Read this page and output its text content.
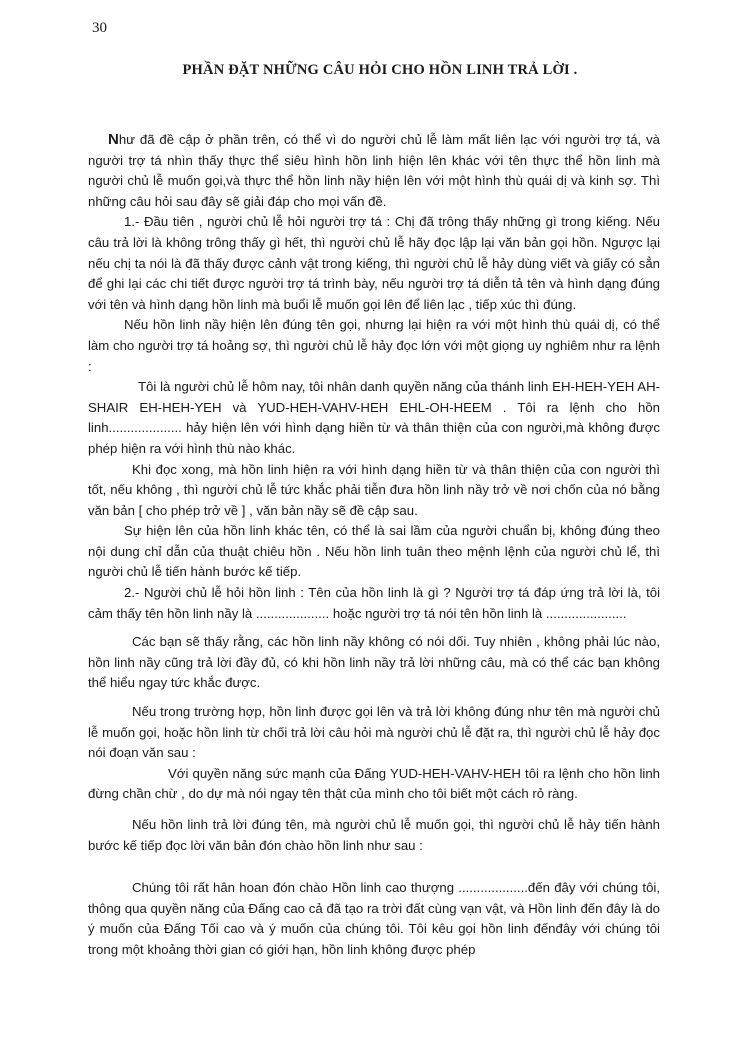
30
PHẦN ĐẶT NHỮNG CÂU HỎI CHO HỒN LINH TRẢ LỜI .

Như đã đề cập ở phần trên, có thể vì do người chủ lễ làm mất liên lạc với người trợ tá, và người trợ tá nhìn thấy thực thể siêu hình hồn linh hiện lên khác với tên thực thể hồn linh mà người chủ lễ muốn gọi,và thực thể hồn linh nầy hiện lên với một hình thù quái dị và kinh sợ. Thì những câu hỏi sau đây sẽ giải đáp cho mọi vấn đề.

1.- Đầu tiên , người chủ lễ hỏi người trợ tá : Chị đã trông thấy những gì trong kiếng. Nếu câu trả lời là không trông thấy gì hết, thì người chủ lễ hãy đọc lập lại văn bản gọi hồn. Ngược lại nếu chị ta nói là đã thấy được cảnh vật trong kiếng, thì người chủ lễ hảy dùng viết và giấy có sẳn để ghi lại các chi tiết được người trợ tá trình bày, nếu người trợ tá diễn tả tên và hình dạng đúng với tên và hình dạng hồn linh mà buổi lễ muốn gọi lên để liên lạc , tiếp xúc thì đúng.

Nếu hồn linh nầy hiện lên đúng tên gọi, nhưng lại hiện ra với một hình thù quái dị, có thể làm cho người trợ tá hoảng sợ, thì người chủ lễ hảy đọc lớn với một giọng uy nghiêm như ra lệnh :

Tôi là người chủ lễ hôm nay, tôi nhân danh quyền năng của thánh linh EH-HEH-YEH AH-SHAIR EH-HEH-YEH và YUD-HEH-VAHV-HEH EHL-OH-HEEM . Tôi ra lệnh cho hồn linh.................... hảy hiện lên với hình dạng hiền từ và thân thiện của con người,mà không được phép hiện ra với hình thù nào khác.

Khi đọc xong, mà hồn linh hiện ra với hình dạng hiền từ và thân thiện của con người thì tốt, nếu không , thì người chủ lễ tức khắc phải tiễn đưa hồn linh nầy trở về nơi chốn của nó bằng văn bản [ cho phép trở về ] , văn bản nầy sẽ đề cập sau.

Sự hiện lên của hồn linh khác tên, có thể là sai lầm của người chuẩn bị, không đúng theo nội dung chỉ dẫn của thuật chiêu hồn . Nếu hồn linh tuân theo mệnh lệnh của người chủ lể, thì người chủ lễ tiến hành bước kế tiếp.

2.- Người chủ lễ hỏi hồn linh : Tên của hồn linh là gì ? Người trợ tá đáp ứng trả lời là, tôi cảm thấy tên hồn linh nầy là .................... hoặc người trợ tá nói tên hồn linh là ......................

Các bạn sẽ thấy rằng, các hồn linh nầy không có nói dối. Tuy nhiên , không phải lúc nào, hồn linh nầy cũng trả lời đầy đủ, có khi hồn linh nầy trả lời những câu, mà có thể các bạn không thể hiểu ngay tức khắc được.

Nếu trong trường hợp, hồn linh được gọi lên và trả lời không đúng như tên mà người chủ lễ muốn gọi, hoặc hồn linh từ chối trả lời câu hỏi mà người chủ lễ đặt ra, thì người chủ lễ hảy đọc nói đoạn văn sau :

Với quyền năng sức mạnh của Đấng YUD-HEH-VAHV-HEH tôi ra lệnh cho hồn linh đừng chần chừ , do dự mà nói ngay tên thật của mình cho tôi biết một cách rỏ ràng.

Nếu hồn linh trả lời đúng tên, mà người chủ lễ muốn gọi, thì người chủ lễ hảy tiến hành bước kế tiếp đọc lời văn bản đón chào hồn linh như sau :

Chúng tôi rất hân hoan đón chào Hồn linh cao thượng ...................đến đây với chúng tôi, thông qua quyền năng của Đấng cao cả đã tạo ra trời đất cùng vạn vật, và Hồn linh đến đây là do ý muốn của Đấng Tối cao và ý muốn của chúng tôi. Tôi kêu gọi hồn linh đếnđây với chúng tôi trong một khoảng thời gian có giới hạn, hồn linh không được phép
